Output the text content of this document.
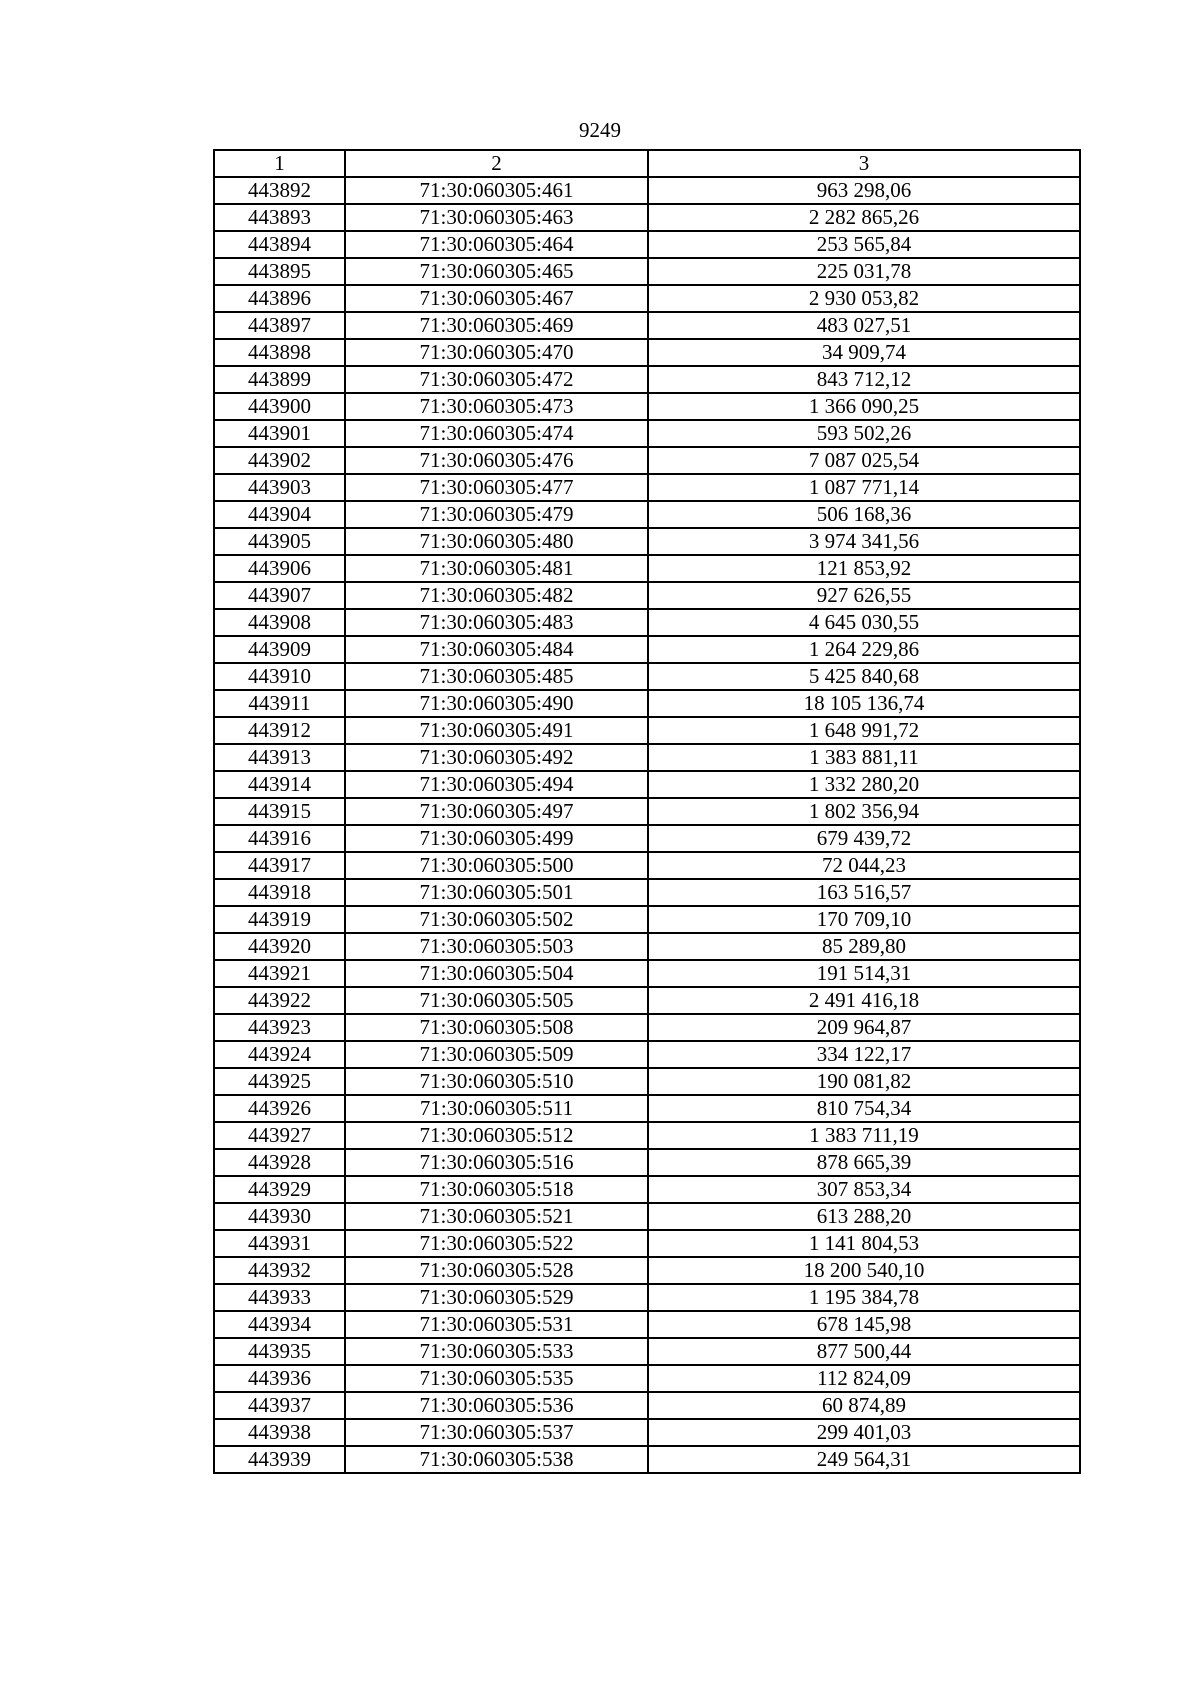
9249
1	2	3
443892	71:30:060305:461	963 298,06
443893	71:30:060305:463	2 282 865,26
443894	71:30:060305:464	253 565,84
443895	71:30:060305:465	225 031,78
443896	71:30:060305:467	2 930 053,82
443897	71:30:060305:469	483 027,51
443898	71:30:060305:470	34 909,74
443899	71:30:060305:472	843 712,12
443900	71:30:060305:473	1 366 090,25
443901	71:30:060305:474	593 502,26
443902	71:30:060305:476	7 087 025,54
443903	71:30:060305:477	1 087 771,14
443904	71:30:060305:479	506 168,36
443905	71:30:060305:480	3 974 341,56
443906	71:30:060305:481	121 853,92
443907	71:30:060305:482	927 626,55
443908	71:30:060305:483	4 645 030,55
443909	71:30:060305:484	1 264 229,86
443910	71:30:060305:485	5 425 840,68
443911	71:30:060305:490	18 105 136,74
443912	71:30:060305:491	1 648 991,72
443913	71:30:060305:492	1 383 881,11
443914	71:30:060305:494	1 332 280,20
443915	71:30:060305:497	1 802 356,94
443916	71:30:060305:499	679 439,72
443917	71:30:060305:500	72 044,23
443918	71:30:060305:501	163 516,57
443919	71:30:060305:502	170 709,10
443920	71:30:060305:503	85 289,80
443921	71:30:060305:504	191 514,31
443922	71:30:060305:505	2 491 416,18
443923	71:30:060305:508	209 964,87
443924	71:30:060305:509	334 122,17
443925	71:30:060305:510	190 081,82
443926	71:30:060305:511	810 754,34
443927	71:30:060305:512	1 383 711,19
443928	71:30:060305:516	878 665,39
443929	71:30:060305:518	307 853,34
443930	71:30:060305:521	613 288,20
443931	71:30:060305:522	1 141 804,53
443932	71:30:060305:528	18 200 540,10
443933	71:30:060305:529	1 195 384,78
443934	71:30:060305:531	678 145,98
443935	71:30:060305:533	877 500,44
443936	71:30:060305:535	112 824,09
443937	71:30:060305:536	60 874,89
443938	71:30:060305:537	299 401,03
443939	71:30:060305:538	249 564,31
